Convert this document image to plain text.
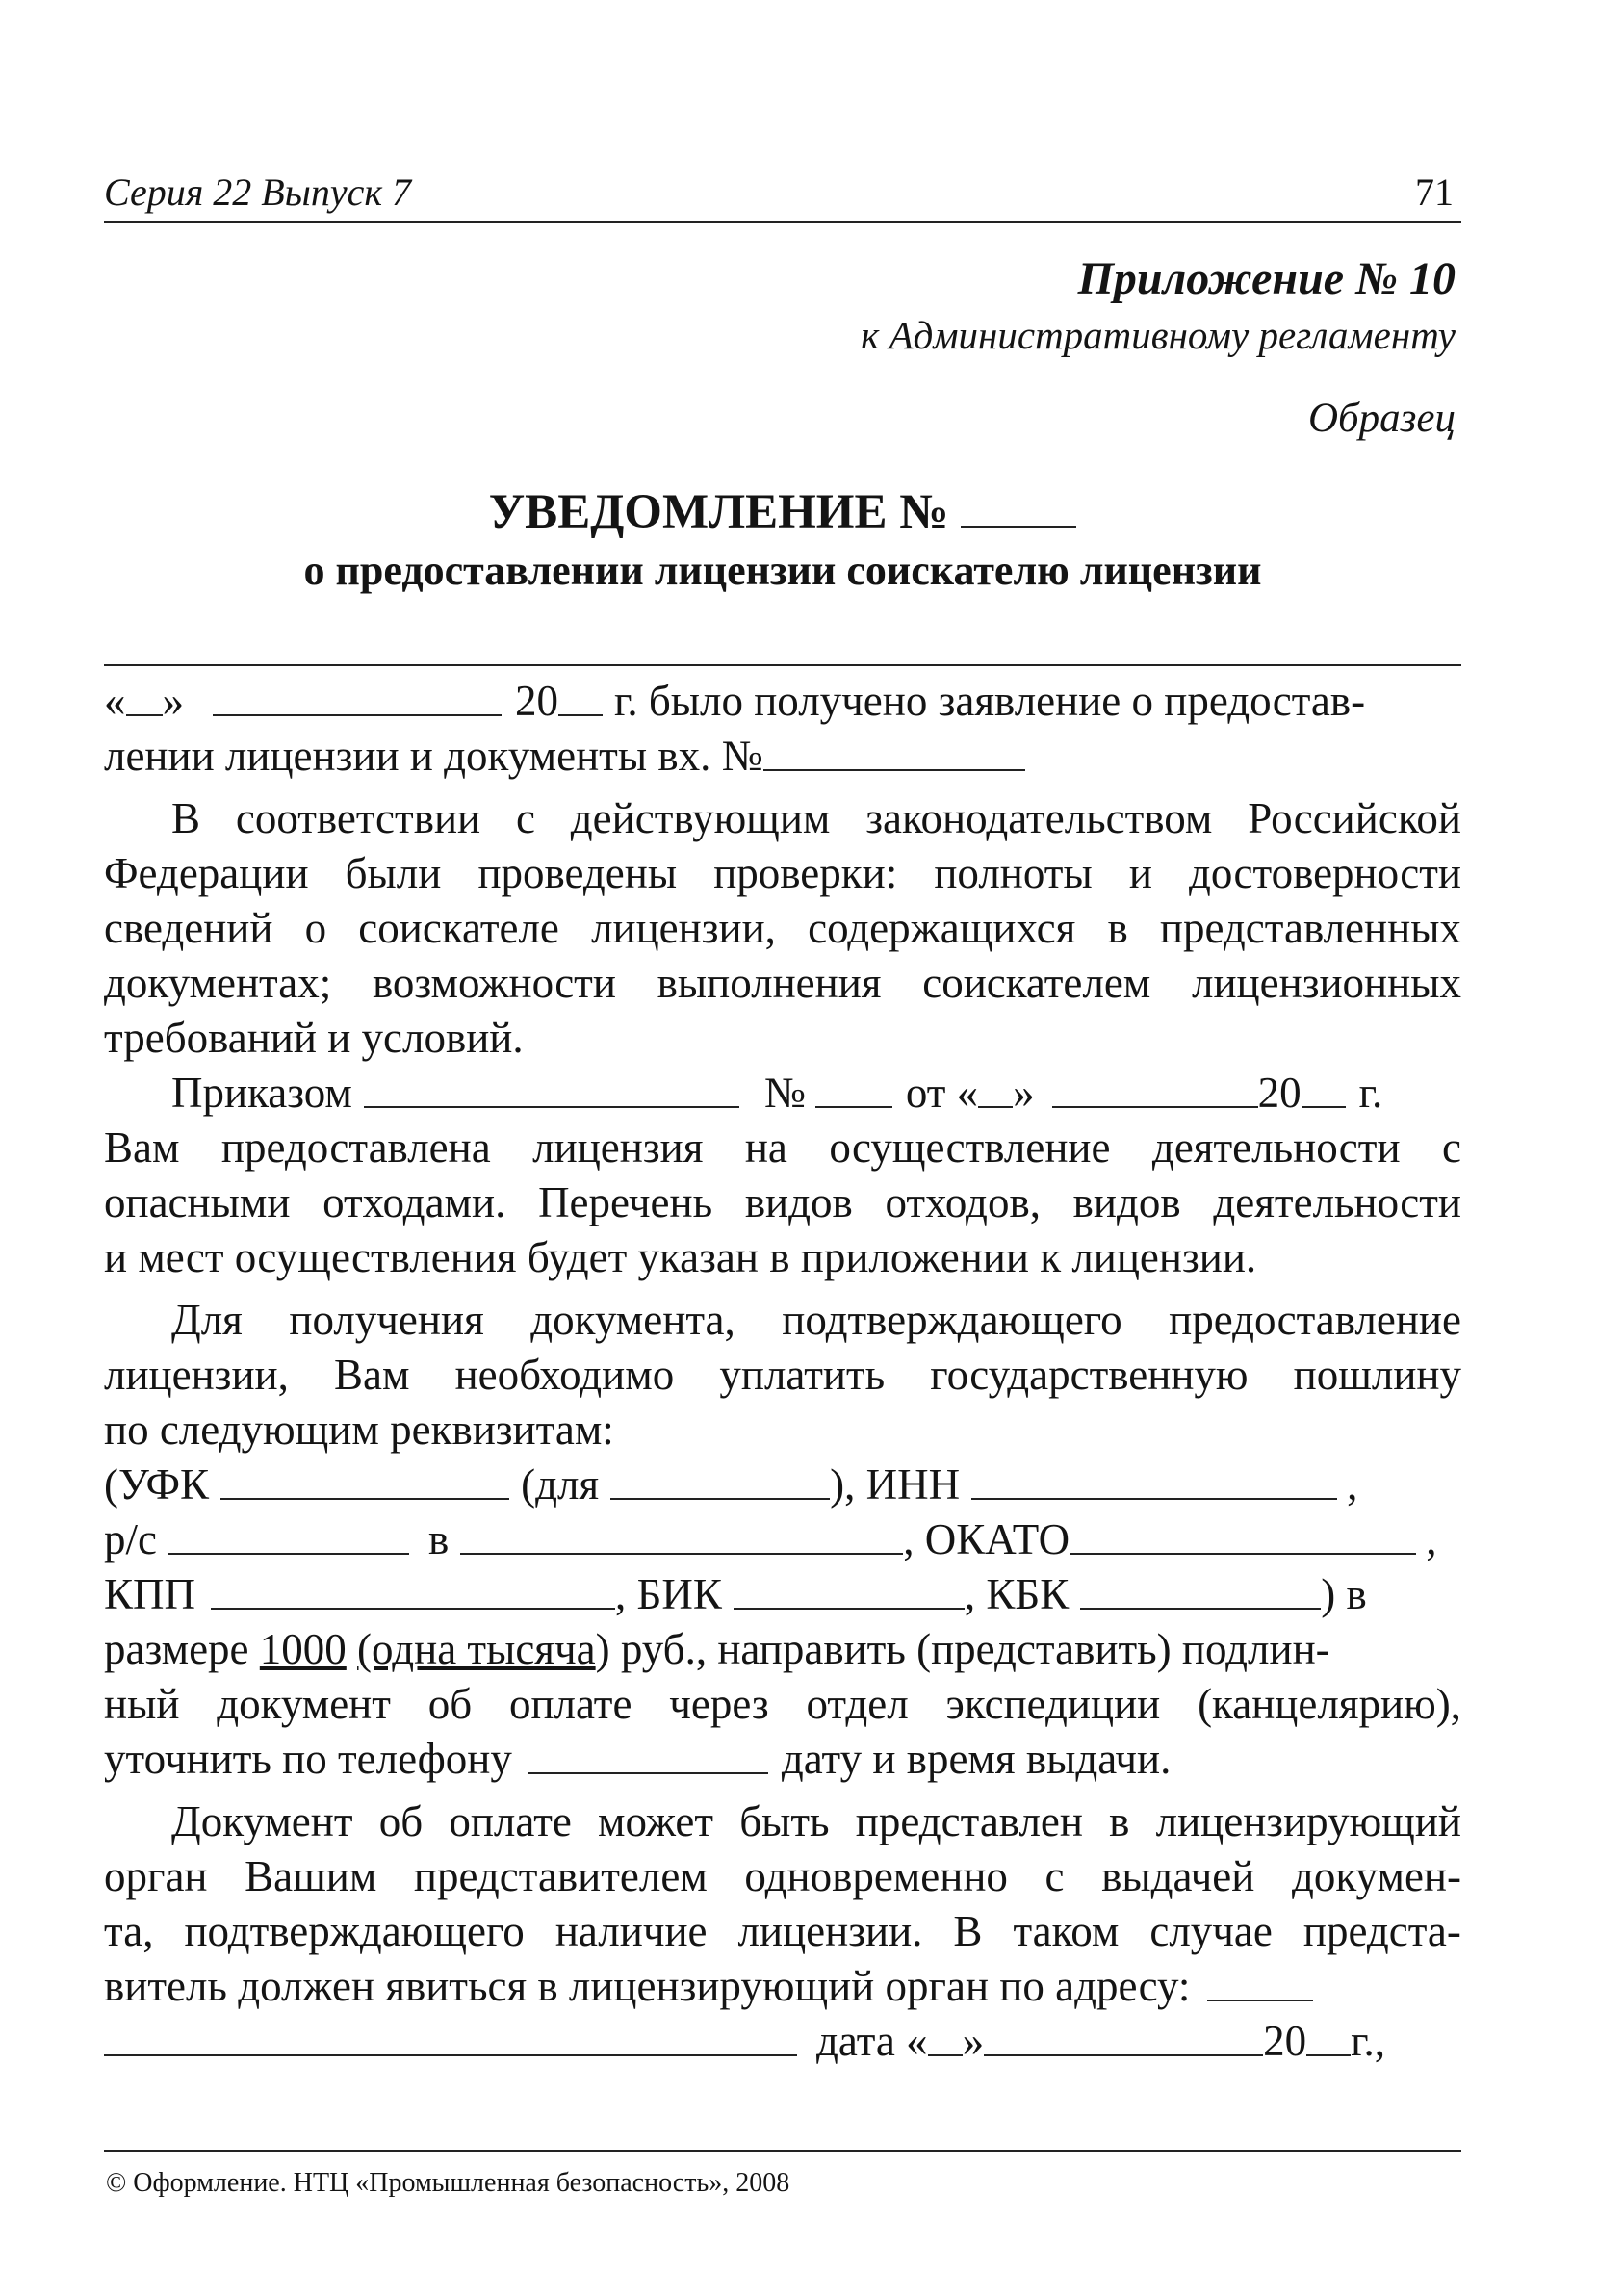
Серия 22 Выпуск 7	71
Приложение № 10
к Административному регламенту
Образец
УВЕДОМЛЕНИЕ №
о предоставлении лицензии соискателю лицензии
« »	20 г. было получено заявление о предостав-
лении лицензии и документы вх. №
В соответствии с действующим законодательством Российской
Федерации были проведены проверки: полноты и достоверности
сведений о соискателе лицензии, содержащихся в представленных
документах; возможности выполнения соискателем лицензионных
требований и условий.
Приказом	№ от « »	20 г.
Вам предоставлена лицензия на осуществление деятельности с
опасными отходами. Перечень видов отходов, видов деятельности
и мест осуществления будет указан в приложении к лицензии.
Для получения документа, подтверждающего предоставление
лицензии, Вам необходимо уплатить государственную пошлину
по следующим реквизитам:
(УФК	(для	), ИНН	,
р/с	в	, ОКАТО	,
КПП	, БИК	, КБК	) в
размере
1000
(одна тысяча ) руб., направить (представить) подлин-
ный документ об оплате через отдел экспедиции (канцелярию),
уточнить по телефону	дату и время выдачи.
Документ об оплате может быть представлен в лицензирующий
орган Вашим представителем одновременно с выдачей докумен-
та, подтверждающего наличие лицензии. В таком случае предста-
витель должен явиться в лицензирующий орган по адресу:
дата « »	20 г.,
© Оформление. НТЦ «Промышленная безопасность», 2008
